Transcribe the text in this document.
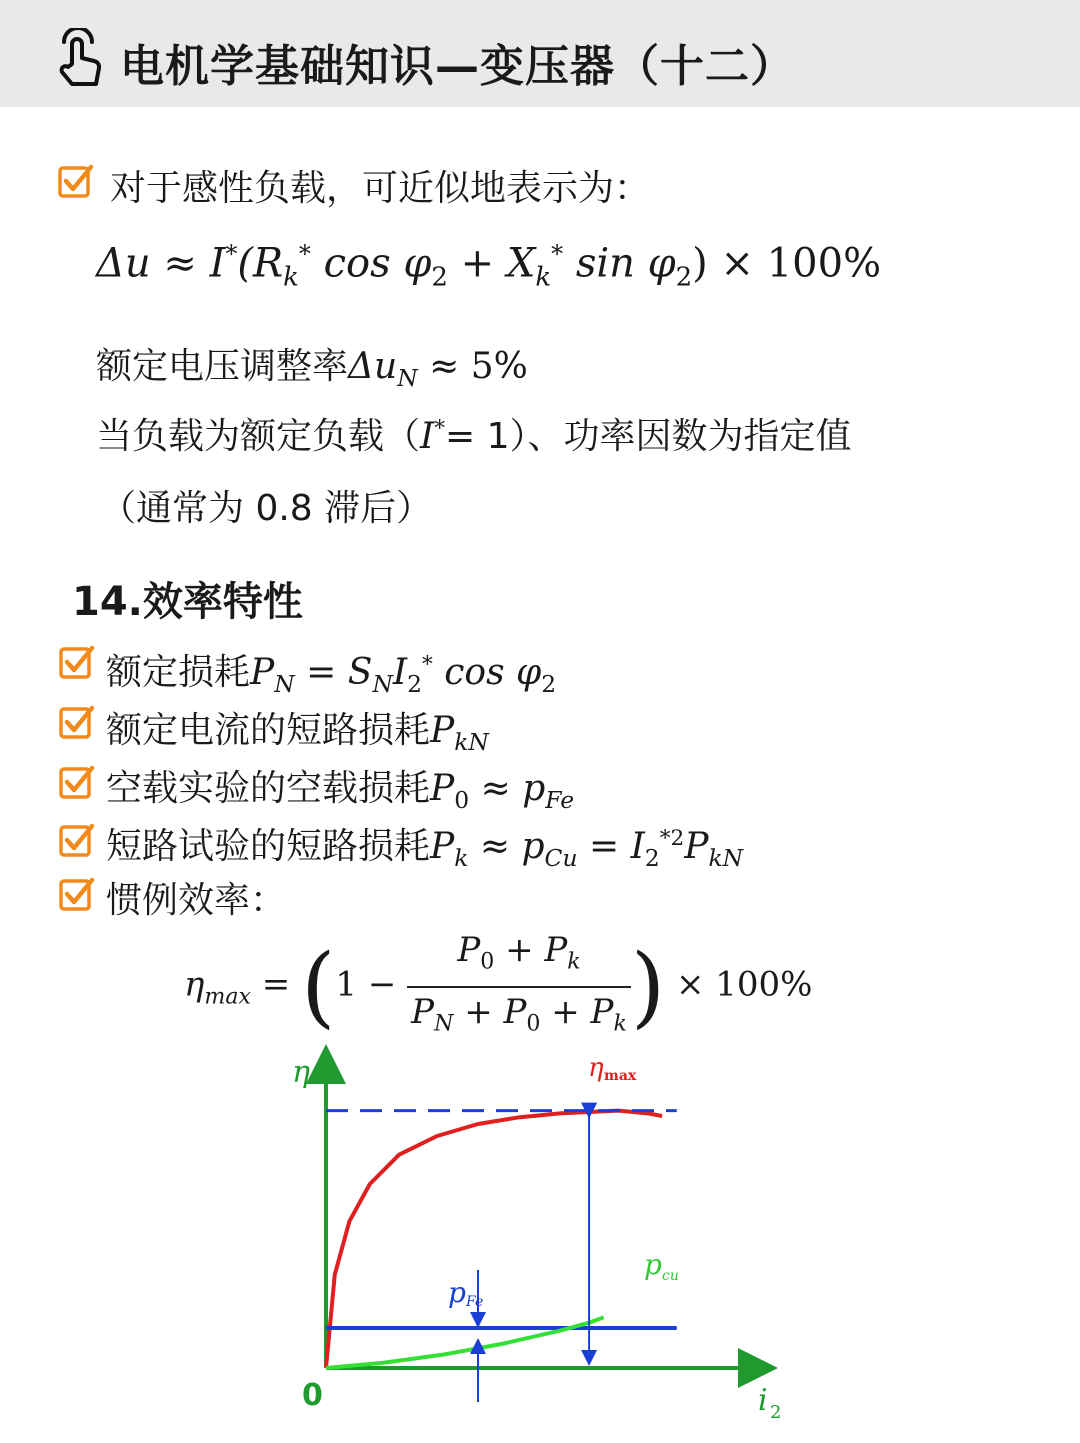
电机学基础知识—变压器（十二）
对于感性负载，可近似地表示为：
$\Delta u \approx I^*(R_k^*$ $\cos \varphi_2 + X_k^*$ $\sin \varphi_2) \times 100\%$
额定电压调整率$\Delta u_N \approx 5\%$
当负载为额定负载（I*= 1）、功率因数为指定值
（通常为 0.8 滞后）
14.效率特性
额定损耗$P_N = S_NI_2^*$ $\cos \varphi_2$
额定电流的短路损耗$P_{kN}$
空载实验的空载损耗$P_0 \approx p_{Fe}$
短路试验的短路损耗$P_k \approx p_{Cu} = I_2^{*2}P_{kN}$
惯例效率：
$\eta_{max} = (1 - \frac{P_0 + P_k}{P_N + P_0 + P_k}$ ) × 100%
η
0	i 2
η max
p Fe
p cu
